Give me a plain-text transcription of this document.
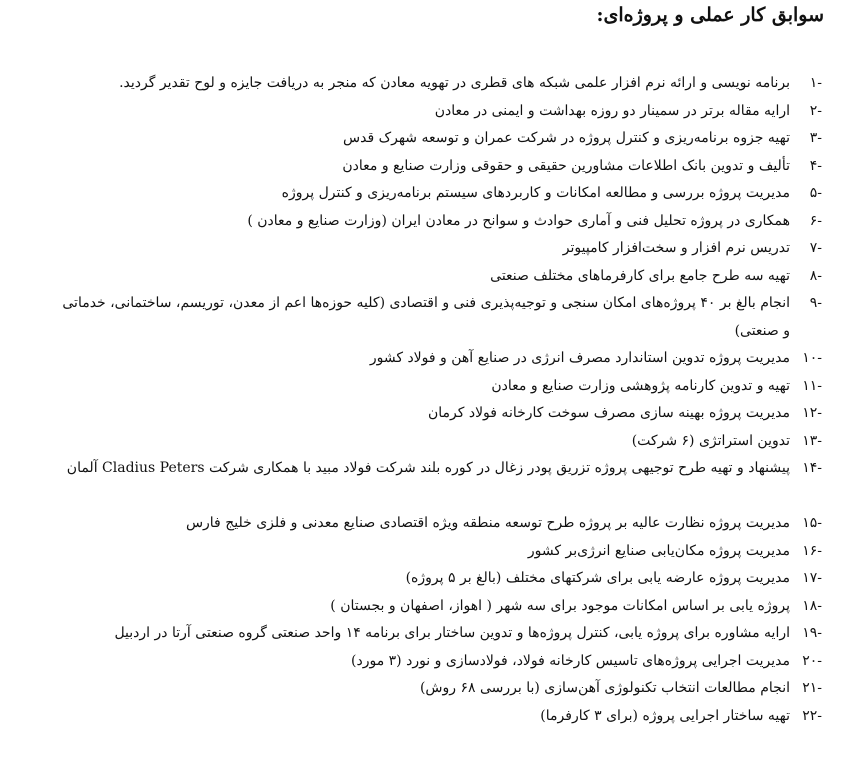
سوابق کار عملی و پروژه‌ای:
-۱
برنامه نویسی و ارائه نرم افزار علمی شبکه های قطری در تهویه معادن که منجر به دریافت جایزه و لوح تقدیر گردید.
-۲
ارایه مقاله برتر در سمینار دو روزه بهداشت و ایمنی در معادن
-۳
تهیه جزوه برنامه‌ریزی و کنترل پروژه در شرکت عمران و توسعه شهرک قدس
-۴
تألیف و تدوین بانک اطلاعات مشاورین حقیقی و حقوقی وزارت صنایع و معادن
-۵
مدیریت پروژه بررسی و مطالعه امکانات و کاربردهای سیستم برنامه‌ریزی و کنترل پروژه
-۶
همکاری در پروژه تحلیل فنی و آماری حوادث و سوانح در معادن ایران (وزارت صنایع و معادن )
-۷
تدریس نرم افزار و سخت‌افزار کامپیوتر
-۸
تهیه سه طرح جامع برای کارفرماهای مختلف صنعتی
-۹
انجام بالغ بر ۴۰ پروژه‌های امکان سنجی و توجیه‌پذیری فنی و اقتصادی (کلیه حوزه‌ها اعم از معدن، توریسم، ساختمانی، خدماتی و صنعتی)
-۱۰
مدیریت پروژه تدوین استاندارد مصرف انرژی در صنایع آهن و فولاد کشور
-۱۱
تهیه و تدوین کارنامه پژوهشی وزارت صنایع و معادن
-۱۲
مدیریت پروژه بهینه سازی مصرف سوخت کارخانه فولاد کرمان
-۱۳
تدوین استراتژی (۶ شرکت)
-۱۴
پیشنهاد و تهیه طرح توجیهی پروژه تزریق پودر زغال در کوره بلند شرکت فولاد مبید با همکاری شرکت Cladius Peters آلمان
-۱۵
مدیریت پروژه نظارت عالیه بر پروژه طرح توسعه منطقه ویژه اقتصادی صنایع معدنی و فلزی خلیج فارس
-۱۶
مدیریت پروژه مکان‌یابی صنایع انرژی‌بر کشور
-۱۷
مدیریت پروژه عارضه یابی برای شرکتهای مختلف (بالغ بر ۵ پروژه)
-۱۸
پروژه یابی بر اساس امکانات موجود برای سه شهر ( اهواز، اصفهان و بجستان )
-۱۹
ارایه مشاوره برای پروژه یابی، کنترل پروژه‌ها و تدوین ساختار برای برنامه ۱۴ واحد صنعتی گروه صنعتی آرتا در اردبیل
-۲۰
مدیریت اجرایی پروژه‌های تاسیس کارخانه فولاد، فولادسازی و نورد (۳ مورد)
-۲۱
انجام مطالعات انتخاب تکنولوژی آهن‌سازی (با بررسی ۶۸ روش)
-۲۲
تهیه ساختار اجرایی پروژه (برای ۳ کارفرما)
